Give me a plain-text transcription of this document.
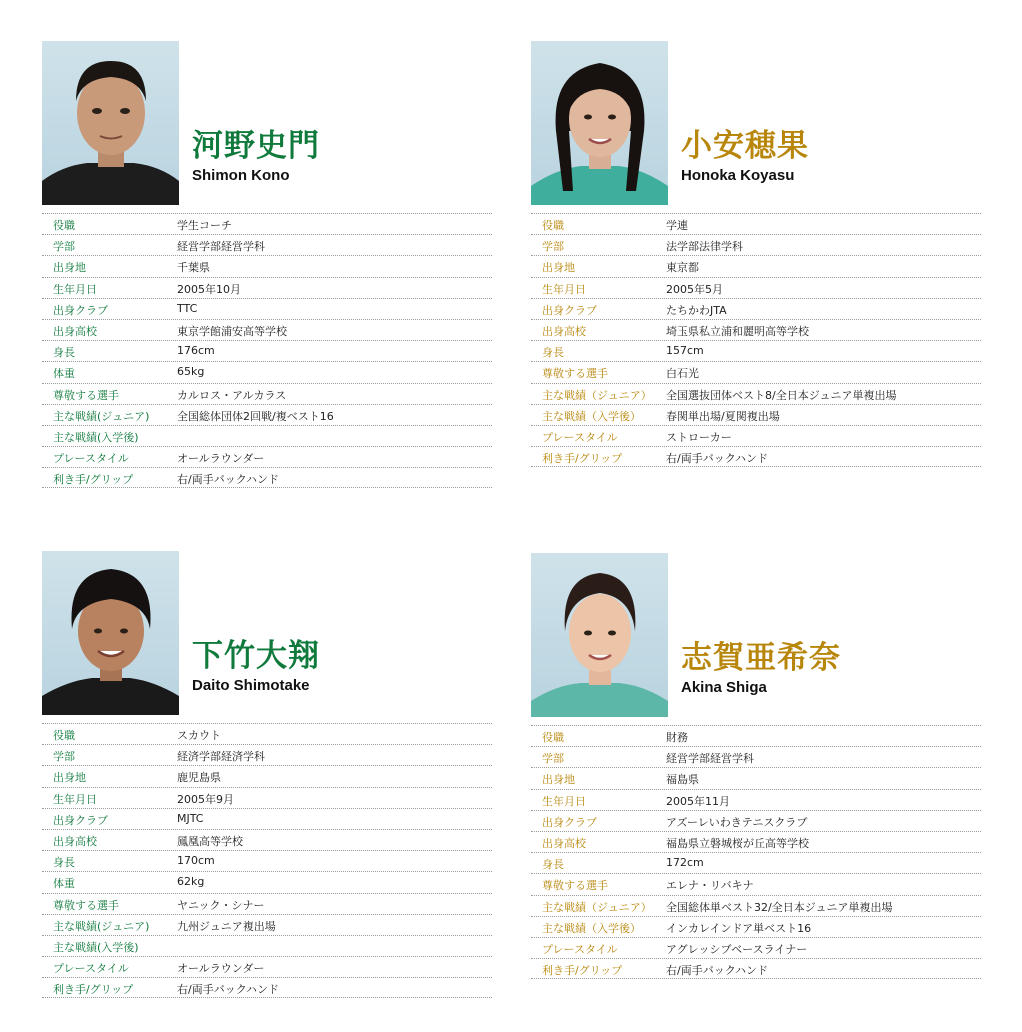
河野史門
Shimon Kono
役職	学生コーチ
学部	経営学部経営学科
出身地	千葉県
生年月日	2005年10月
出身クラブ	TTC
出身高校	東京学館浦安高等学校
身長	176cm
体重	65kg
尊敬する選手	カルロス・アルカラス
主な戦績(ジュニア)	全国総体団体2回戦/複ベスト16
主な戦績(入学後)
プレースタイル	オールラウンダー
利き手/グリップ	右/両手バックハンド
小安穂果
Honoka Koyasu
役職	学連
学部	法学部法律学科
出身地	東京都
生年月日	2005年5月
出身クラブ	たちかわJTA
出身高校	埼玉県私立浦和麗明高等学校
身長	157cm
尊敬する選手	白石光
主な戦績（ジュニア） 全国選抜団体ベスト8/全日本ジュニア単複出場
主な戦績（入学後） 春関単出場/夏関複出場
プレースタイル	ストローカー
利き手/グリップ	右/両手バックハンド
下竹大翔
Daito Shimotake
役職	スカウト
学部	経済学部経済学科
出身地	鹿児島県
生年月日	2005年9月
出身クラブ	MJTC
出身高校	鳳凰高等学校
身長	170cm
体重	62kg
尊敬する選手	ヤニック・シナー
主な戦績(ジュニア)	九州ジュニア複出場
主な戦績(入学後)
プレースタイル	オールラウンダー
利き手/グリップ	右/両手バックハンド
志賀亜希奈
Akina Shiga
役職	財務
学部	経営学部経営学科
出身地	福島県
生年月日	2005年11月
出身クラブ	アズーレいわきテニスクラブ
出身高校	福島県立磐城桜が丘高等学校
身長	172cm
尊敬する選手	エレナ・リバキナ
主な戦績（ジュニア） 全国総体単ベスト32/全日本ジュニア単複出場
主な戦績（入学後） インカレインドア単ベスト16
プレースタイル	アグレッシブベースライナー
利き手/グリップ	右/両手バックハンド
